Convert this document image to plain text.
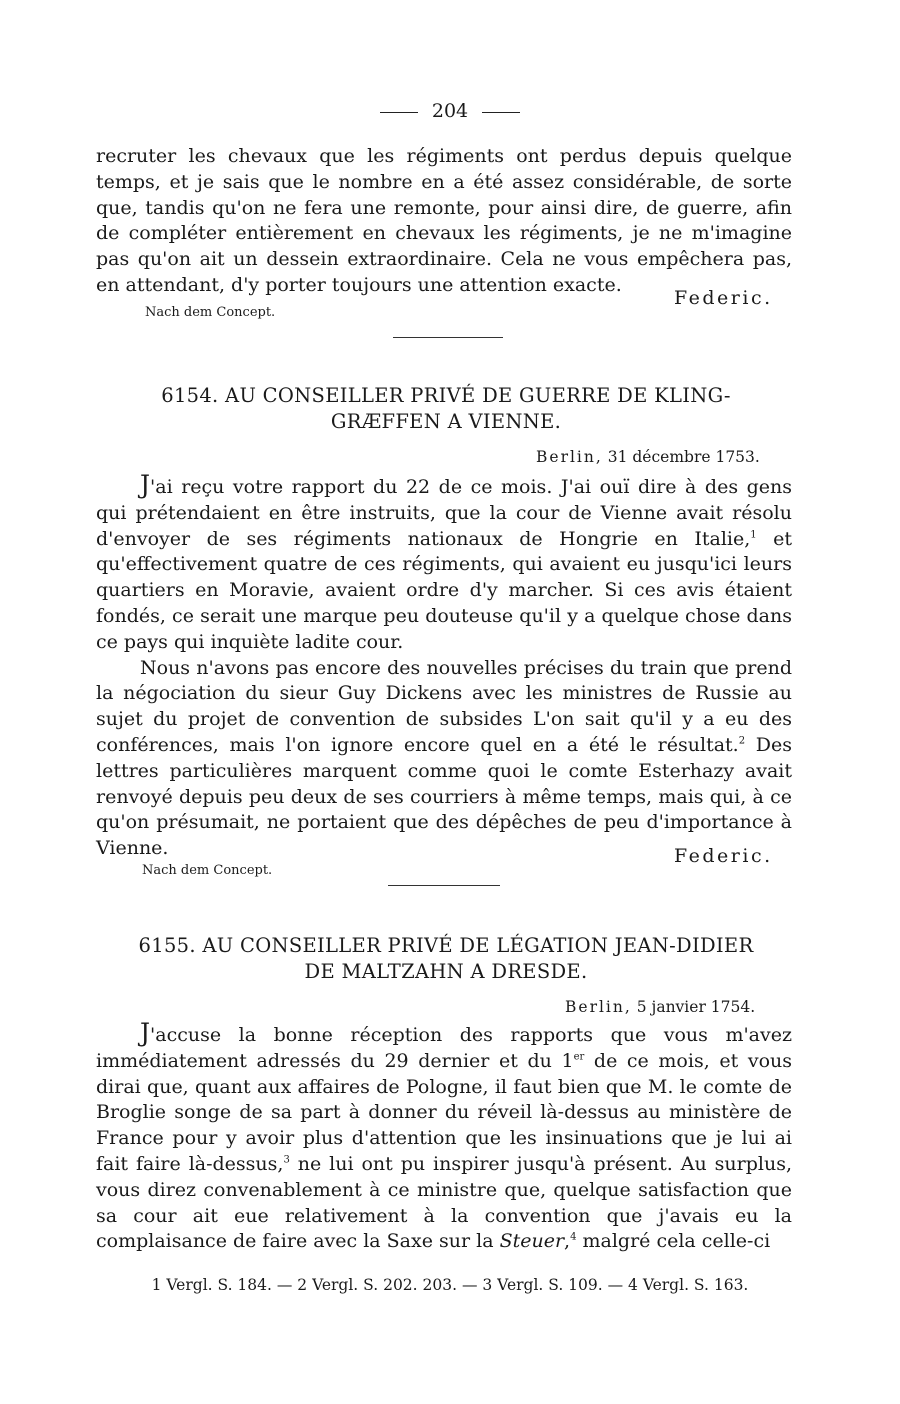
204

recruter les chevaux que les régiments ont perdus depuis quelque temps, et je sais que le nombre en a été assez considérable, de sorte que, tandis qu'on ne fera une remonte, pour ainsi dire, de guerre, afin de compléter entièrement en chevaux les régiments, je ne m'imagine pas qu'on ait un dessein extraordinaire. Cela ne vous empêchera pas, en attendant, d'y porter toujours une attention exacte.

Federic.
Nach dem Concept.
6154. AU CONSEILLER PRIVÉ DE GUERRE DE KLING-
GRÆFFEN A VIENNE.
Berlin, 31 décembre 1753.

J'ai reçu votre rapport du 22 de ce mois. J'ai ouï dire à des gens qui prétendaient en être instruits, que la cour de Vienne avait résolu d'envoyer de ses régiments nationaux de Hongrie en Italie,$^1$ et qu'effectivement quatre de ces régiments, qui avaient eu jusqu'ici leurs quartiers en Moravie, avaient ordre d'y marcher. Si ces avis étaient fondés, ce serait une marque peu douteuse qu'il y a quelque chose dans ce pays qui inquiète ladite cour.

Nous n'avons pas encore des nouvelles précises du train que prend la négociation du sieur Guy Dickens avec les ministres de Russie au sujet du projet de convention de subsides L'on sait qu'il y a eu des conférences, mais l'on ignore encore quel en a été le résultat.$^2$ Des lettres particulières marquent comme quoi le comte Esterhazy avait renvoyé depuis peu deux de ses courriers à même temps, mais qui, à ce qu'on présumait, ne portaient que des dépêches de peu d'importance à Vienne.	Federic.
Nach dem Concept.
6155. AU CONSEILLER PRIVÉ DE LÉGATION JEAN-DIDIER
DE MALTZAHN A DRESDE.
Berlin, 5 janvier 1754.

J'accuse la bonne réception des rapports que vous m'avez immédiatement adressés du 29 dernier et du 1er de ce mois, et vous dirai que, quant aux affaires de Pologne, il faut bien que M. le comte de Broglie songe de sa part à donner du réveil là-dessus au ministère de France pour y avoir plus d'attention que les insinuations que je lui ai fait faire là-dessus,$^3$ ne lui ont pu inspirer jusqu'à présent. Au surplus, vous direz convenablement à ce ministre que, quelque satisfaction que sa cour ait eue relativement à la convention que j'avais eu la complaisance de faire avec la Saxe sur la Steuer,$^4$ malgré cela celle-ci

1 Vergl. S. 184. — 2 Vergl. S. 202. 203. — 3 Vergl. S. 109. — 4 Vergl. S. 163.
